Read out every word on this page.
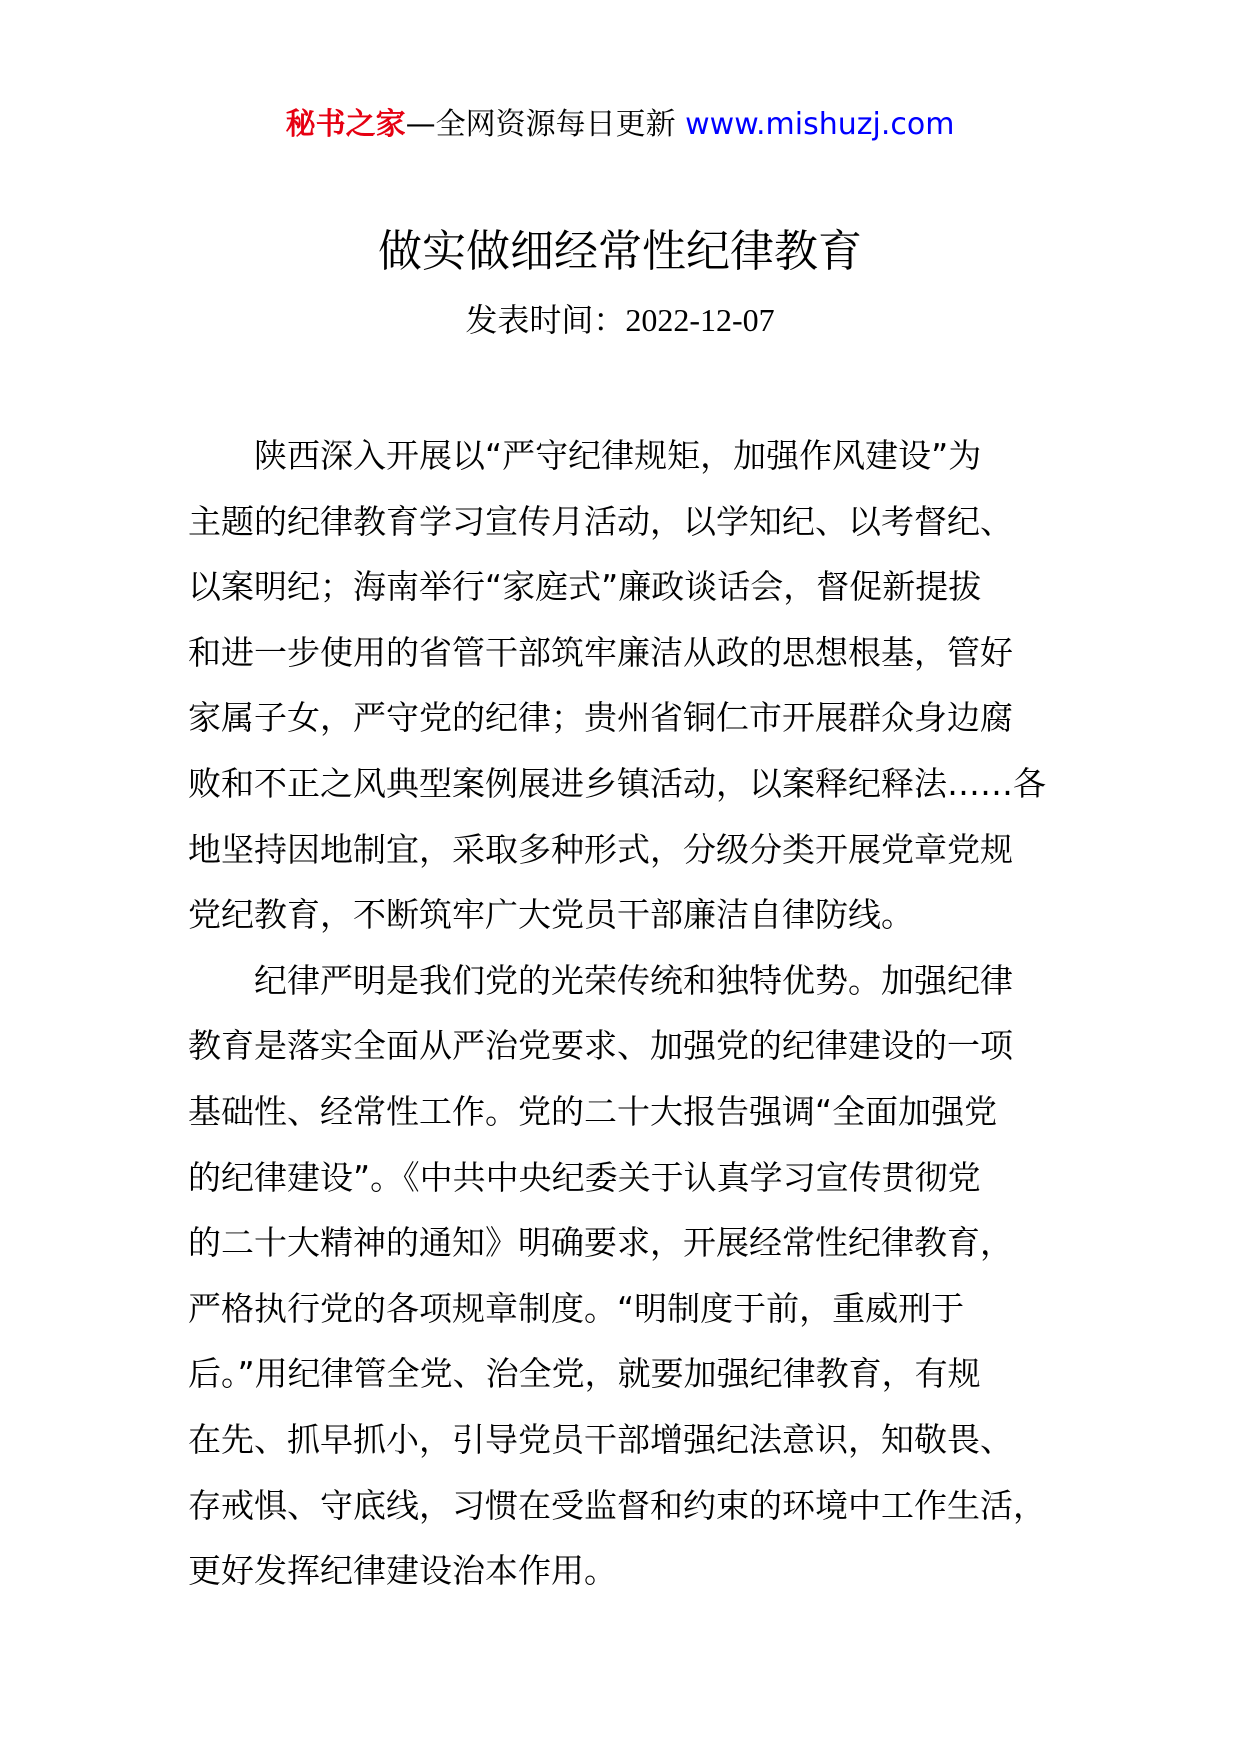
秘书之家—全网资源每日更新 www.mishuzj.com
做实做细经常性纪律教育
发表时间：2022-12-07
　　陕西深入开展以“严守纪律规矩，加强作风建设”为
主题的纪律教育学习宣传月活动，以学知纪、以考督纪、
以案明纪；海南举行“家庭式”廉政谈话会，督促新提拔
和进一步使用的省管干部筑牢廉洁从政的思想根基，管好
家属子女，严守党的纪律；贵州省铜仁市开展群众身边腐
败和不正之风典型案例展进乡镇活动，以案释纪释法……各
地坚持因地制宜，采取多种形式，分级分类开展党章党规
党纪教育，不断筑牢广大党员干部廉洁自律防线。
　　纪律严明是我们党的光荣传统和独特优势。加强纪律
教育是落实全面从严治党要求、加强党的纪律建设的一项
基础性、经常性工作。党的二十大报告强调“全面加强党
的纪律建设”。《中共中央纪委关于认真学习宣传贯彻党
的二十大精神的通知》明确要求，开展经常性纪律教育，
严格执行党的各项规章制度。“明制度于前，重威刑于
后。”用纪律管全党、治全党，就要加强纪律教育，有规
在先、抓早抓小，引导党员干部增强纪法意识，知敬畏、
存戒惧、守底线，习惯在受监督和约束的环境中工作生活，
更好发挥纪律建设治本作用。
